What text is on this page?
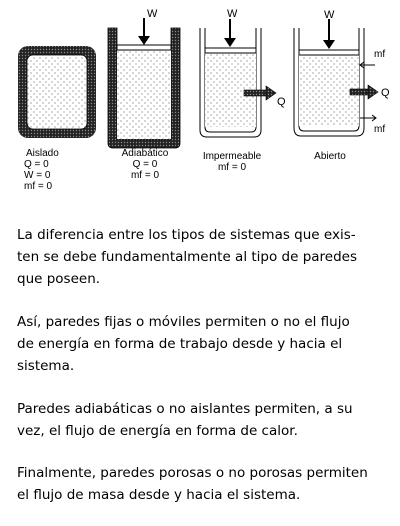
W	W
Q
W
Q
mf
mf
Aislado
Q = 0
W = 0
mf = 0
Adiabático
Q = 0
mf = 0
Impermeable
mf = 0
Abierto
La diferencia entre los tipos de sistemas que exis-
ten se debe fundamentalmente al tipo de paredes
que poseen.
Así, paredes fijas o móviles permiten o no el flujo
de energía en forma de trabajo desde y hacia el
sistema.
Paredes adiabáticas o no aislantes permiten, a su
vez, el flujo de energía en forma de calor.
Finalmente, paredes porosas o no porosas permiten
el flujo de masa desde y hacia el sistema.
